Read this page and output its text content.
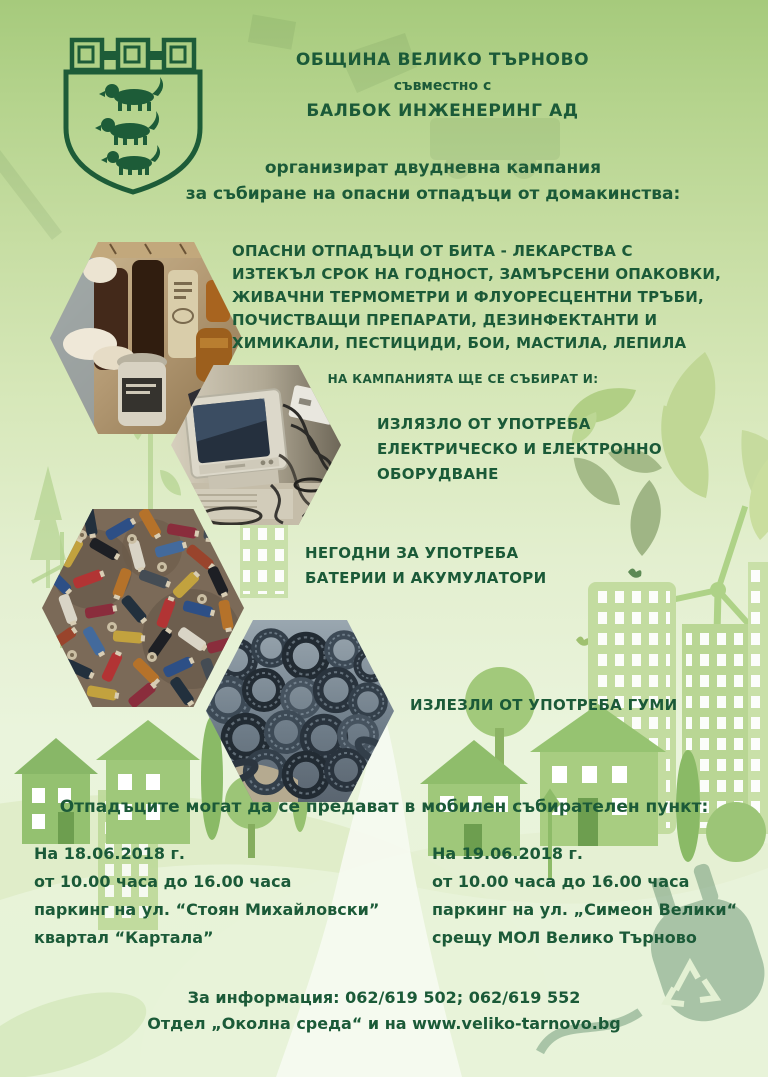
ОБЩИНА ВЕЛИКО ТЪРНОВО
съвместно с
БАЛБОК ИНЖЕНЕРИНГ АД
организират двудневна кампания
за събиране на опасни отпадъци от домакинства:
ОПАСНИ ОТПАДЪЦИ ОТ БИТА - ЛЕКАРСТВА С
ИЗТЕКЪЛ СРОК НА ГОДНОСТ, ЗАМЪРСЕНИ ОПАКОВКИ,
ЖИВАЧНИ ТЕРМОМЕТРИ И ФЛУОРЕСЦЕНТНИ ТРЪБИ,
ПОЧИСТВАЩИ ПРЕПАРАТИ, ДЕЗИНФЕКТАНТИ И
ХИМИКАЛИ, ПЕСТИЦИДИ, БОИ, МАСТИЛА, ЛЕПИЛА
НА КАМПАНИЯТА ЩЕ СЕ СЪБИРАТ И:
ИЗЛЯЗЛО ОТ УПОТРЕБА
ЕЛЕКТРИЧЕСКО И ЕЛЕКТРОННО
ОБОРУДВАНЕ
НЕГОДНИ ЗА УПОТРЕБА
БАТЕРИИ И АКУМУЛАТОРИ
ИЗЛЕЗЛИ ОТ УПОТРЕБА ГУМИ
Отпадъците могат да се предават в мобилен събирателен пункт:
На 18.06.2018 г.
от 10.00 часа до 16.00 часа
паркинг на ул. “Стоян Михайловски”
квартал “Картала”
На 19.06.2018 г.
от 10.00 часа до 16.00 часа
паркинг на ул. „Симеон Велики“
срещу МОЛ Велико Търново
За информация: 062/619 502; 062/619 552
Отдел „Околна среда“ и на www.veliko-tarnovo.bg
